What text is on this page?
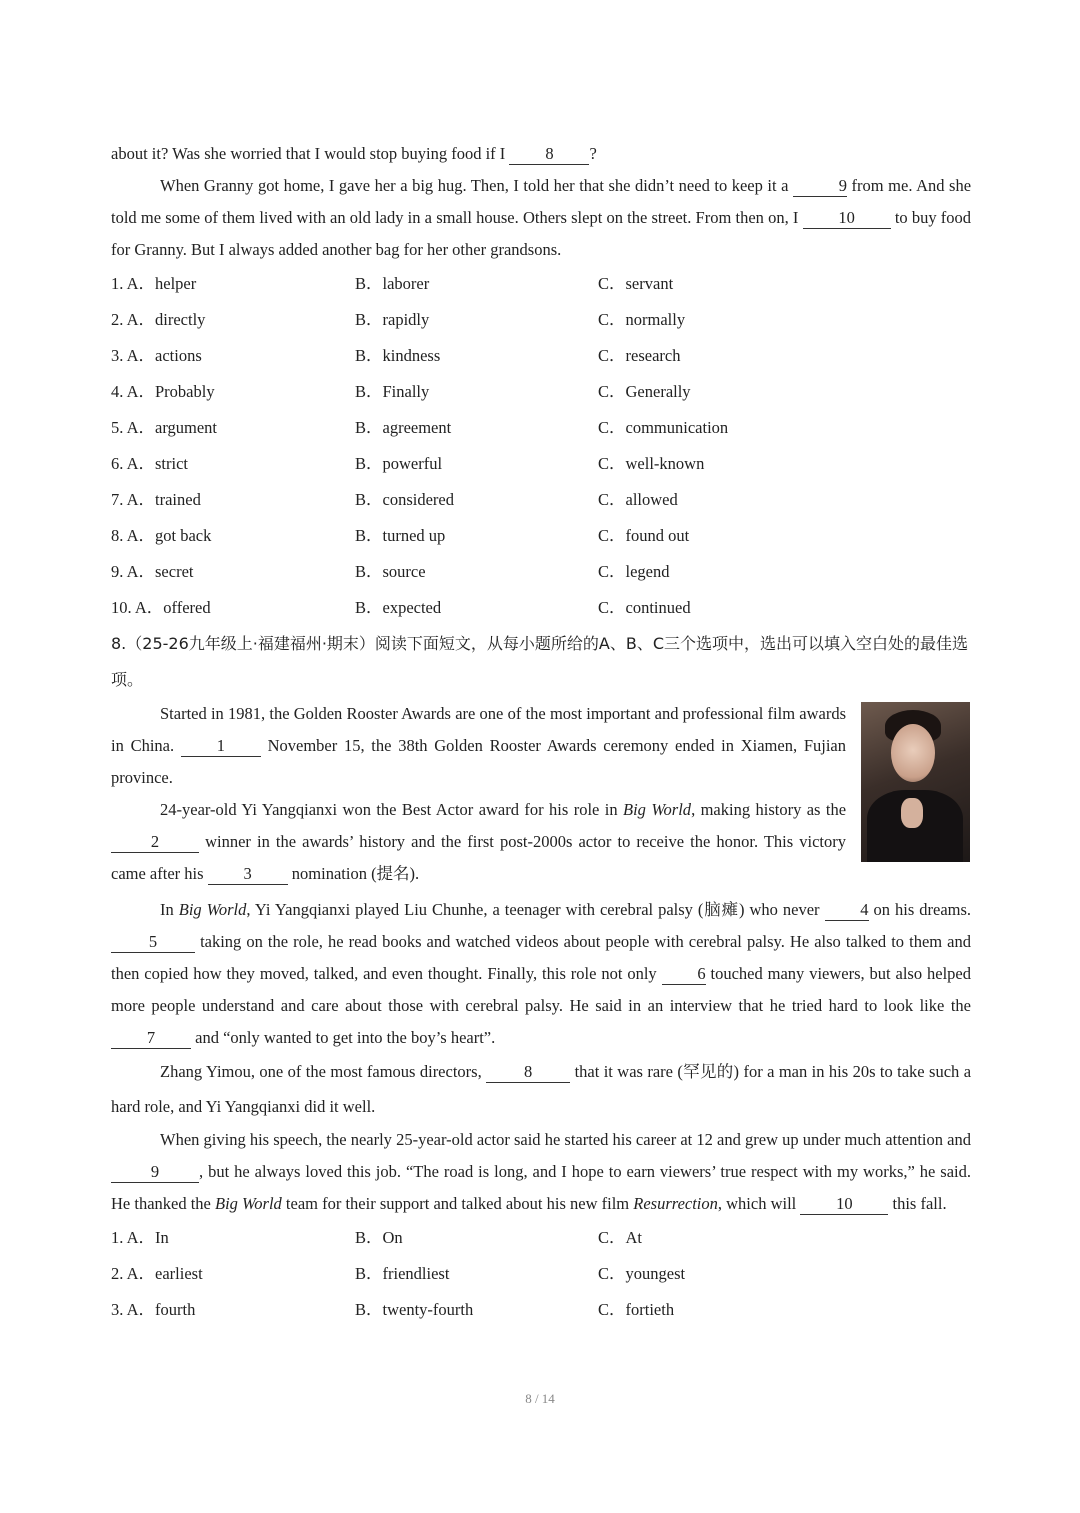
about it? Was she worried that I would stop buying food if I 8 ?

When Granny got home, I gave her a big hug. Then, I told her that she didn’t need to keep it a	9 from me. And she told me some of them lived with an old lady in a small house. Others slept on the street. From then on, I 10 to buy food for Granny. But I always added another bag for her other grandsons.

1. A．helper	B．laborer	C．servant
2. A．directly	B．rapidly	C．normally
3. A．actions	B．kindness	C．research
4. A．Probably	B．Finally	C．Generally
5. A．argument	B．agreement	C．communication
6. A．strict	B．powerful	C．well-known
7. A．trained	B．considered	C．allowed
8. A．got back	B．turned up	C．found out
9. A．secret	B．source	C．legend
10. A．offered	B．expected	C．continued

8.（25-26九年级上·福建福州·期末）阅读下面短文，从每小题所给的A、B、C三个选项中，选出可以填入空白处的最佳选项。

Started in 1981, the Golden Rooster Awards are one of the most important and professional film awards in China.	1	November 15, the 38th Golden Rooster Awards ceremony ended in Xiamen, Fujian province.

24-year-old Yi Yangqianxi won the Best Actor award for his role in Big World, making history as the 2	winner in the awards’ history and the first post-2000s actor to receive the honor. This victory came after his 3 nomination (提名).

In Big World, Yi Yangqianxi played Liu Chunhe, a teenager with cerebral palsy (脑瘫) who never 4 on his dreams. 5	taking on the role, he read books and watched videos about people with cerebral palsy. He also talked to them and then copied how they moved, talked, and even thought. Finally, this role not only 6 touched many viewers, but also helped more people understand and care about those with cerebral palsy. He said in an interview that he tried hard to look like the 7 and “only wanted to get into the boy’s heart”.

Zhang Yimou, one of the most famous directors,	8	that it was rare (罕见的) for a man in his 20s to take such a hard role, and Yi Yangqianxi did it well.

When giving his speech, the nearly 25-year-old actor said he started his career at 12 and grew up under much attention and 9 , but he always loved this job. “The road is long, and I hope to earn viewers’ true respect with my works,” he said. He thanked the Big World team for their support and talked about his new film Resurrection, which will 10 this fall.

1. A．In	B．On	C．At
2. A．earliest	B．friendliest	C．youngest
3. A．fourth	B．twenty-fourth	C．fortieth
8 / 14
